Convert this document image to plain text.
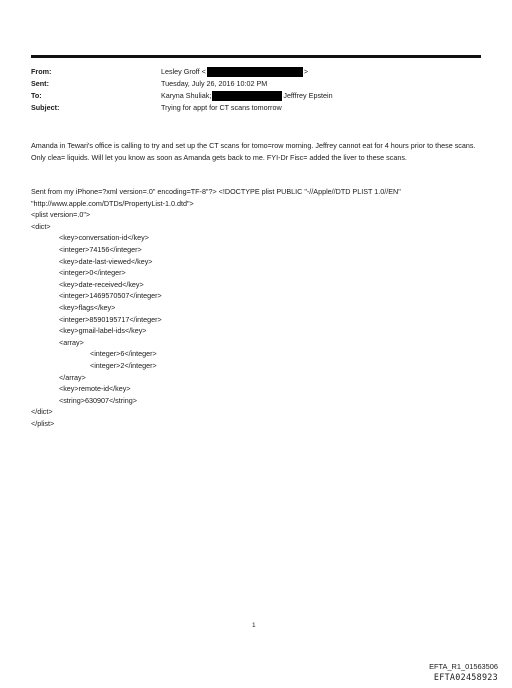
From:	Lesley Groff <	>
Sent:	Tuesday, July 26, 2016 10:02 PM
To:	Karyna Shuliak;	Jefffrey Epstein
Subject:	Trying for appt for CT scans tomorrow

Amanda in Tewari's office is calling to try and set up the CT scans for tomo=row morning. Jeffrey cannot eat for 4 hours prior to these scans. Only clea= liquids. Will let you know as soon as Amanda gets back to me. FYI-Dr Fisc= added the liver to these scans.

Sent from my iPhone=?xml version=.0" encoding=TF-8"?> <!DOCTYPE plist PUBLIC "-//Apple//DTD PLIST 1.0//EN"
"http://www.apple.com/DTDs/PropertyList-1.0.dtd">
<plist version=.0">
<dict>
<key>conversation-id</key>
<integer>74156</integer>
<key>date-last-viewed</key>
<integer>0</integer>
<key>date-received</key>
<integer>1469570507</integer>
<key>flags</key>
<integer>8590195717</integer>
<key>gmail-label-ids</key>
<array>
<integer>6</integer>
<integer>2</integer>
</array>
<key>remote-id</key>
<string>630907</string>
</dict>
</plist>
1
EFTA_R1_01563506
EFTA02458923
